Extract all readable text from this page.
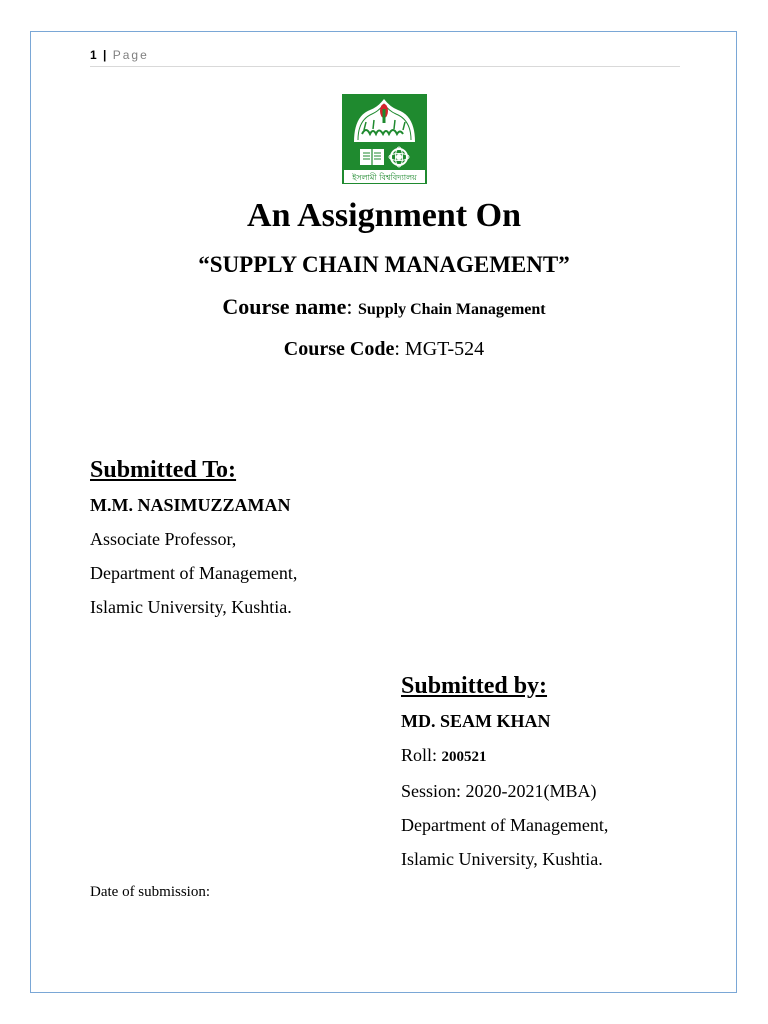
1 | Page
ইসলামী বিশ্ববিদ্যালয়
An Assignment On
“SUPPLY CHAIN MANAGEMENT”
Course name: Supply Chain Management
Course Code: MGT-524
Submitted To:
M.M. NASIMUZZAMAN
Associate Professor,
Department of Management,
Islamic University, Kushtia.
Submitted by:
MD. SEAM KHAN
Roll: 200521
Session: 2020-2021(MBA)
Department of Management,
Islamic University, Kushtia.
Date of submission:
